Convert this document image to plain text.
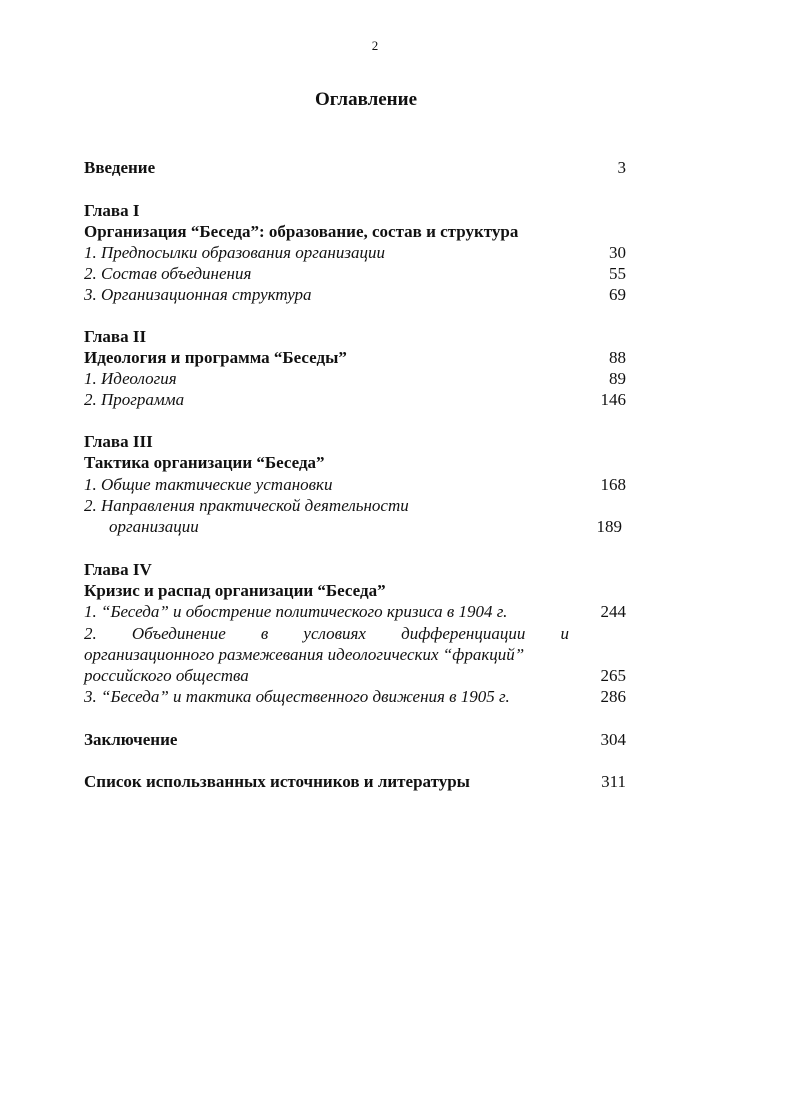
2
Оглавление
Введение	3
Глава I
Организация “Беседа”: образование, состав и структура
1. Предпосылки образования организации	30
2. Состав объединения	55
3. Организационная структура	69
Глава II
Идеология и программа “Беседы”	88
1. Идеология	89
2. Программа	146
Глава III
Тактика организации “Беседа”
1. Общие тактические установки	168
2. Направления практической деятельности
организации	189
Глава IV
Кризис и распад организации “Беседа”
1. “Беседа” и обострение политического кризиса в 1904 г.	244
2. Объединение в условиях дифференциации и
организационного размежевания идеологических “фракций”
российского общества	265
3. “Беседа” и тактика общественного движения в 1905 г.	286
Заключение	304
Список использванных источников и литературы	311
